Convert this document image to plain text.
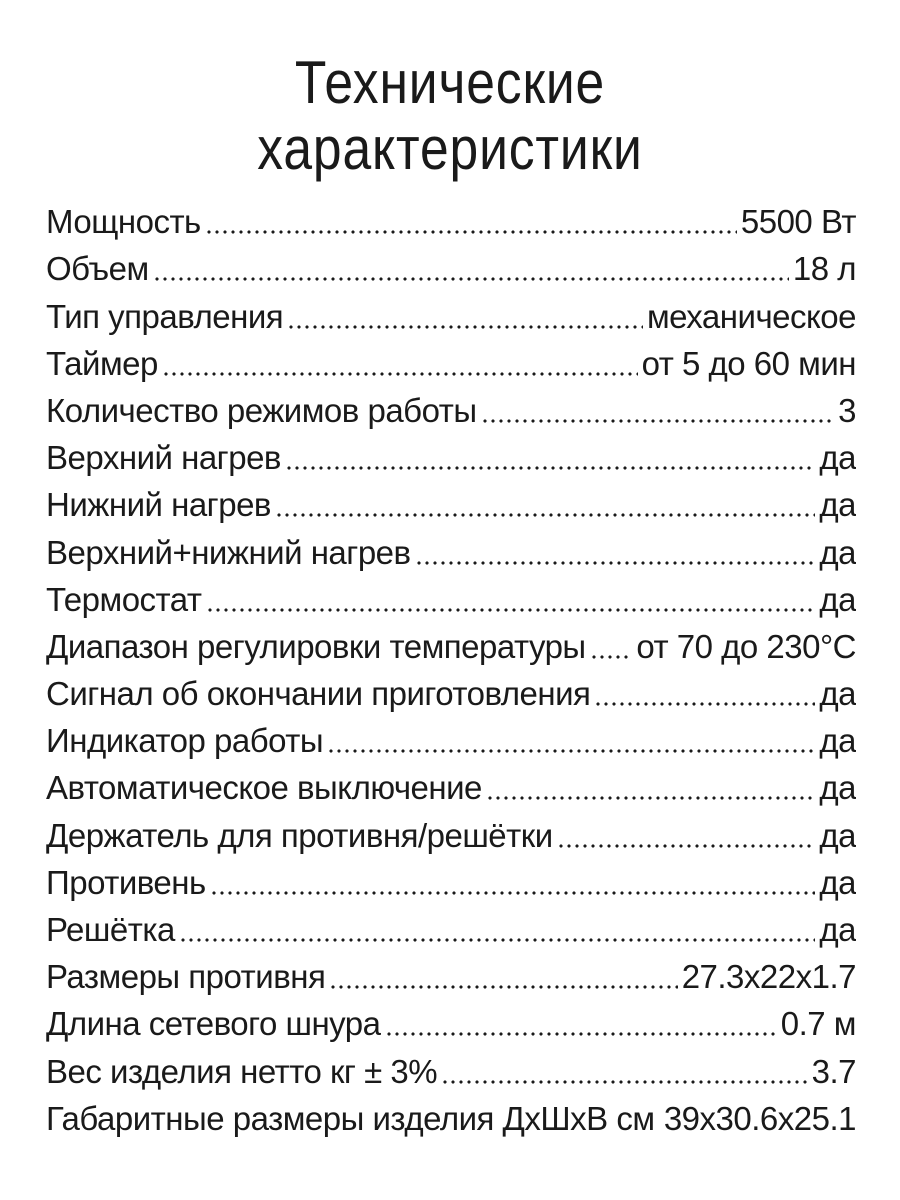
Технические
характеристики
Мощность	5500 Вт
Объем	18 л
Тип управления	механическое
Таймер	от 5 до 60 мин
Количество режимов работы	3
Верхний нагрев	да
Нижний нагрев	да
Верхний+нижний нагрев	да
Термостат	да
Диапазон регулировки температуры от 70 до 230°C
Сигнал об окончании приготовления	да
Индикатор работы	да
Автоматическое выключение	да
Держатель для противня/решётки	да
Противень	да
Решётка	да
Размеры противня	27.3x22x1.7
Длина сетевого шнура	0.7 м
Вес изделия нетто кг ± 3%	3.7
Габаритные размеры изделия ДхШхВ см 39x30.6x25.1
